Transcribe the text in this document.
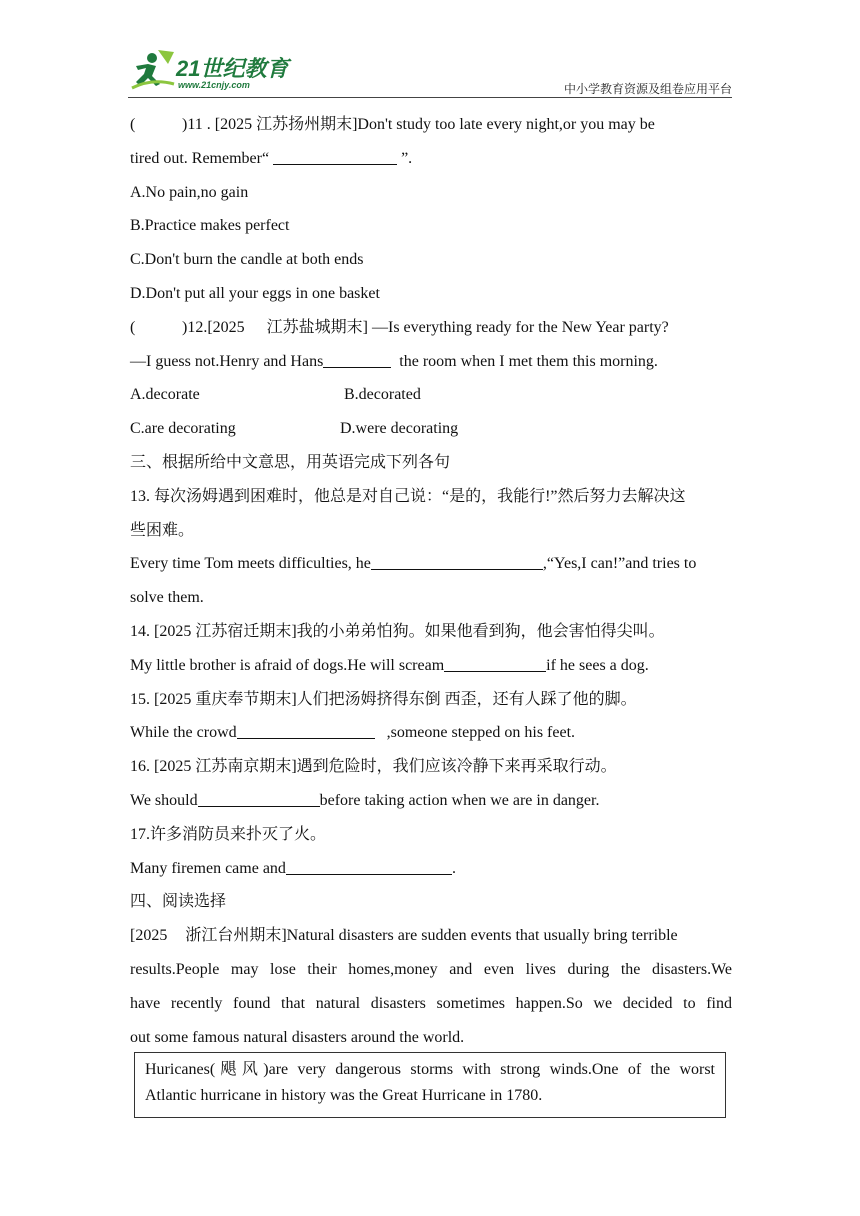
21世纪教育
www.21cnjy.com	中小学教育资源及组卷应用平台
(	)11 . [2025 江苏扬州期末]Don't study too late every night,or you may be
tired out. Remember“	”.
A.No pain,no gain
B.Practice makes perfect
C.Don't burn the candle at both ends
D.Don't put all your eggs in one basket
(	)12.[2025 江苏盐城期末] —Is everything ready for the New Year party?
—I guess not.Henry and Hans	the room when I met them this morning.
A.decorate	B.decorated
C.are decorating	D.were decorating
三、根据所给中文意思，用英语完成下列各句
13. 每次汤姆遇到困难时，他总是对自己说：“是的，我能行!”然后努力去解决这
些困难。
Every time Tom meets difficulties, he	,“Yes,I can!”and tries to
solve them.
14. [2025 江苏宿迁期末]我的小弟弟怕狗。如果他看到狗，他会害怕得尖叫。
My little brother is afraid of dogs.He will scream	if he sees a dog.
15. [2025 重庆奉节期末]人们把汤姆挤得东倒 西歪，还有人踩了他的脚。
While the crowd	,someone stepped on his feet.
16. [2025 江苏南京期末]遇到危险时，我们应该冷静下来再采取行动。
We should	before taking action when we are in danger.
17.许多消防员来扑灭了火。
Many firemen came and	.
四、阅读选择
[2025 浙江台州期末]Natural disasters are sudden events that usually bring terrible
results.People may lose their homes,money and even lives during the disasters.We
have recently found that natural disasters sometimes happen.So we decided to find
out some famous natural disasters around the world.
Huricanes(飓风)are very dangerous storms with strong winds.One of the worst
Atlantic hurricane in history was the Great Hurricane in 1780.
